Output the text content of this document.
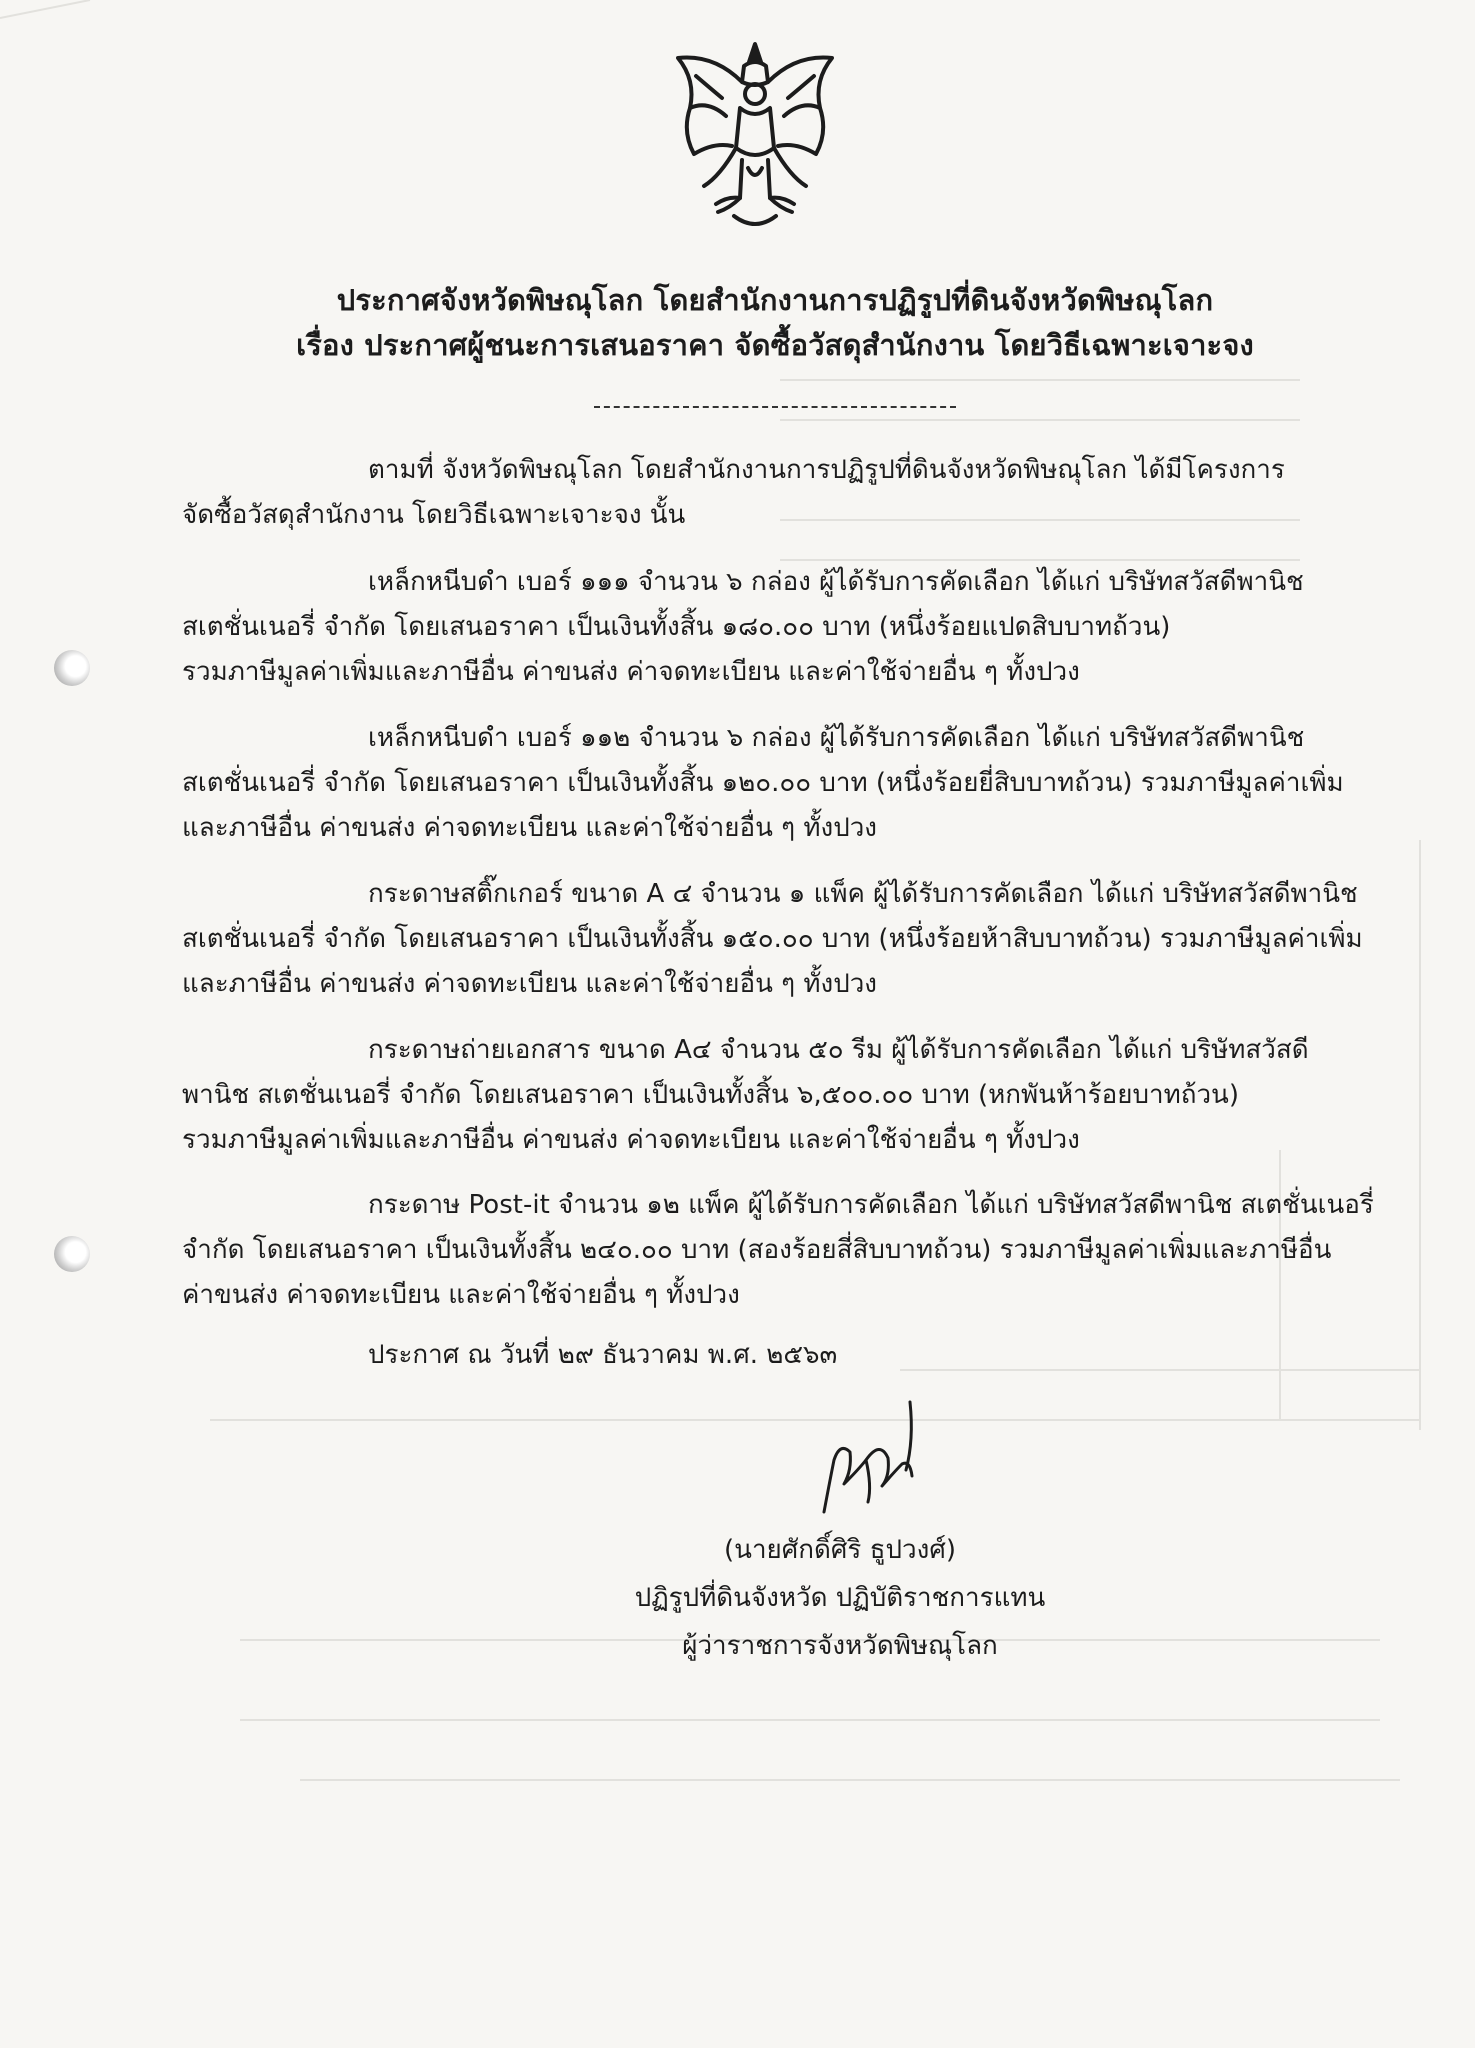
ประกาศจังหวัดพิษณุโลก โดยสำนักงานการปฏิรูปที่ดินจังหวัดพิษณุโลก
เรื่อง ประกาศผู้ชนะการเสนอราคา จัดซื้อวัสดุสำนักงาน โดยวิธีเฉพาะเจาะจง
ตามที่ จังหวัดพิษณุโลก โดยสำนักงานการปฏิรูปที่ดินจังหวัดพิษณุโลก ได้มีโครงการ
จัดซื้อวัสดุสำนักงาน โดยวิธีเฉพาะเจาะจง นั้น
เหล็กหนีบดำ เบอร์ ๑๑๑ จำนวน ๖ กล่อง ผู้ได้รับการคัดเลือก ได้แก่ บริษัทสวัสดีพานิช
สเตชั่นเนอรี่ จำกัด โดยเสนอราคา เป็นเงินทั้งสิ้น ๑๘๐.๐๐ บาท (หนึ่งร้อยแปดสิบบาทถ้วน)
รวมภาษีมูลค่าเพิ่มและภาษีอื่น ค่าขนส่ง ค่าจดทะเบียน และค่าใช้จ่ายอื่น ๆ ทั้งปวง
เหล็กหนีบดำ เบอร์ ๑๑๒ จำนวน ๖ กล่อง ผู้ได้รับการคัดเลือก ได้แก่ บริษัทสวัสดีพานิช
สเตชั่นเนอรี่ จำกัด โดยเสนอราคา เป็นเงินทั้งสิ้น ๑๒๐.๐๐ บาท (หนึ่งร้อยยี่สิบบาทถ้วน) รวมภาษีมูลค่าเพิ่ม
และภาษีอื่น ค่าขนส่ง ค่าจดทะเบียน และค่าใช้จ่ายอื่น ๆ ทั้งปวง
กระดาษสติ๊กเกอร์ ขนาด A ๔ จำนวน ๑ แพ็ค ผู้ได้รับการคัดเลือก ได้แก่ บริษัทสวัสดีพานิช
สเตชั่นเนอรี่ จำกัด โดยเสนอราคา เป็นเงินทั้งสิ้น ๑๕๐.๐๐ บาท (หนึ่งร้อยห้าสิบบาทถ้วน) รวมภาษีมูลค่าเพิ่ม
และภาษีอื่น ค่าขนส่ง ค่าจดทะเบียน และค่าใช้จ่ายอื่น ๆ ทั้งปวง
กระดาษถ่ายเอกสาร ขนาด A๔ จำนวน ๕๐ รีม ผู้ได้รับการคัดเลือก ได้แก่ บริษัทสวัสดี
พานิช สเตชั่นเนอรี่ จำกัด โดยเสนอราคา เป็นเงินทั้งสิ้น ๖,๕๐๐.๐๐ บาท (หกพันห้าร้อยบาทถ้วน)
รวมภาษีมูลค่าเพิ่มและภาษีอื่น ค่าขนส่ง ค่าจดทะเบียน และค่าใช้จ่ายอื่น ๆ ทั้งปวง
กระดาษ Post-it จำนวน ๑๒ แพ็ค ผู้ได้รับการคัดเลือก ได้แก่ บริษัทสวัสดีพานิช สเตชั่นเนอรี่
จำกัด โดยเสนอราคา เป็นเงินทั้งสิ้น ๒๔๐.๐๐ บาท (สองร้อยสี่สิบบาทถ้วน) รวมภาษีมูลค่าเพิ่มและภาษีอื่น
ค่าขนส่ง ค่าจดทะเบียน และค่าใช้จ่ายอื่น ๆ ทั้งปวง
ประกาศ ณ วันที่ ๒๙ ธันวาคม พ.ศ. ๒๕๖๓
(นายศักดิ์ศิริ ธูปวงศ์)
ปฏิรูปที่ดินจังหวัด ปฏิบัติราชการแทน
ผู้ว่าราชการจังหวัดพิษณุโลก
